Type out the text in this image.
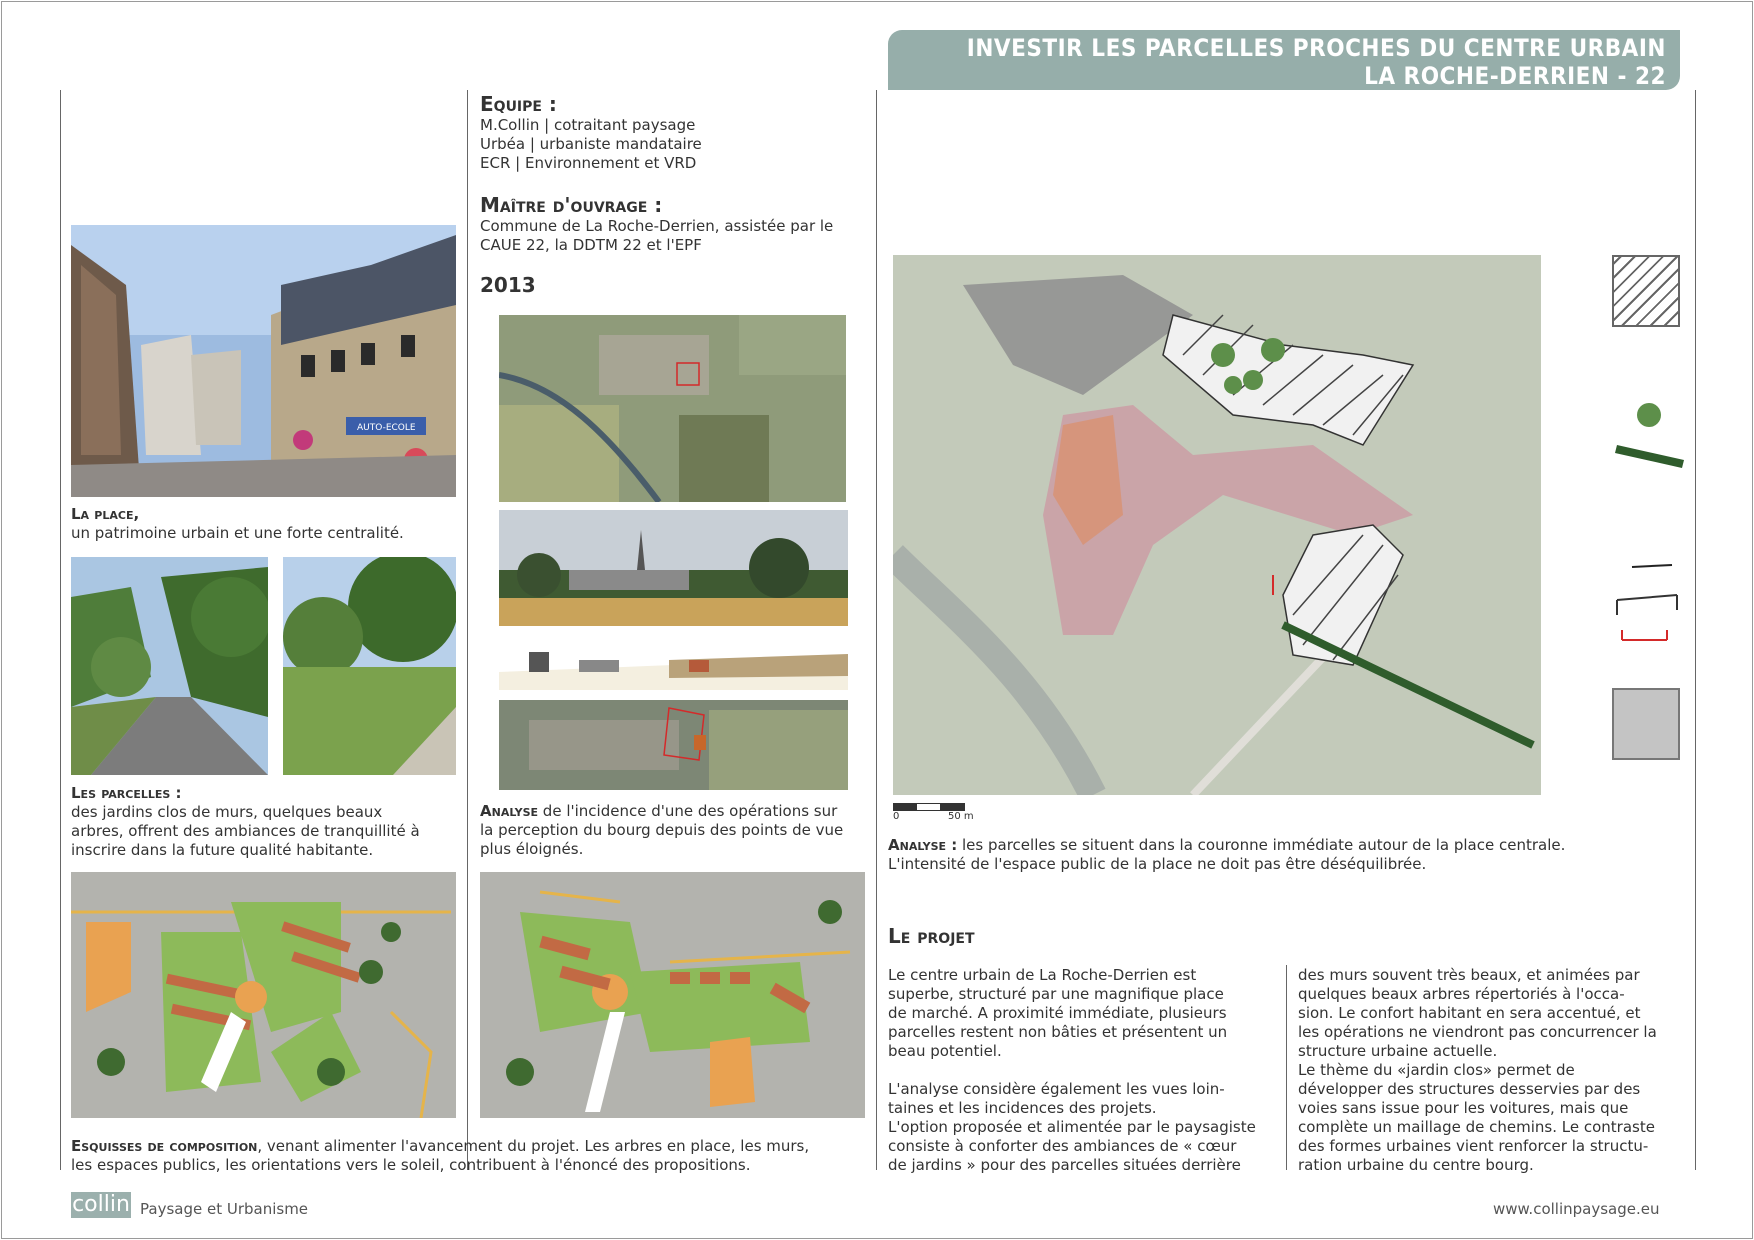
INVESTIR LES PARCELLES PROCHES DU CENTRE URBAIN
LA ROCHE-DERRIEN - 22
Equipe :
M.Collin | cotraitant paysage
Urbéa | urbaniste mandataire
ECR | Environnement et VRD
Maître d'ouvrage :
Commune de La Roche-Derrien, assistée par le
CAUE 22, la DDTM 22 et l'EPF
2013
AUTO-ECOLE
La place,
un patrimoine urbain et une forte centralité.
Les parcelles :
des jardins clos de murs, quelques beaux
arbres, offrent des ambiances de tranquillité à
inscrire dans la future qualité habitante.
Analyse de l'incidence d'une des opérations sur
la perception du bourg depuis des points de vue
plus éloignés.
Esquisses de composition, venant alimenter l'avancement du projet. Les arbres en place, les murs,
les espaces publics, les orientations vers le soleil, contribuent à l'énoncé des propositions.
0	50 m
Analyse : les parcelles se situent dans la couronne immédiate autour de la place centrale.
L'intensité de l'espace public de la place ne doit pas être déséquilibrée.
Le projet
Le centre urbain de La Roche-Derrien est
superbe, structuré par une magnifique place
de marché. A proximité immédiate, plusieurs
parcelles restent non bâties et présentent un
beau potentiel.
L'analyse considère également les vues loin-
taines et les incidences des projets.
L'option proposée et alimentée par le paysagiste
consiste à conforter des ambiances de « cœur
de jardins » pour des parcelles situées derrière
des murs souvent très beaux, et animées par
quelques beaux arbres répertoriés à l'occa-
sion. Le confort habitant en sera accentué, et
les opérations ne viendront pas concurrencer la
structure urbaine actuelle.
Le thème du «jardin clos» permet de
développer des structures desservies par des
voies sans issue pour les voitures, mais que
complète un maillage de chemins. Le contraste
des formes urbaines vient renforcer la structu-
ration urbaine du centre bourg.
collin Paysage et Urbanisme	www.collinpaysage.eu
